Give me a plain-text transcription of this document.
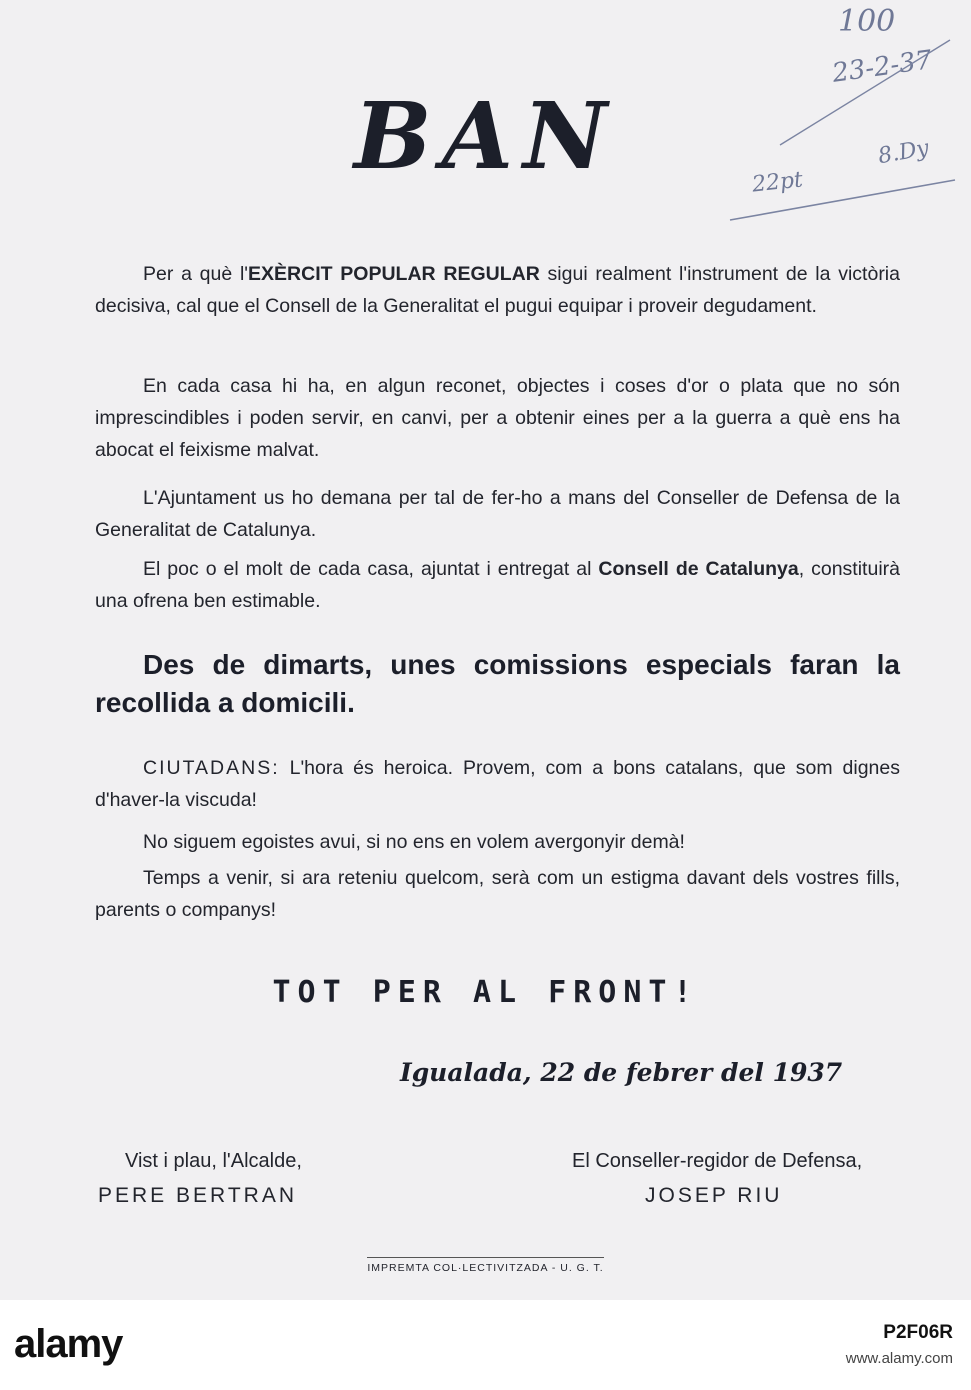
100
23-2-37
22pt
8.Dy
BAN
Per a què l'EXÈRCIT POPULAR REGULAR sigui realment l'instrument de la victòria decisiva, cal que el Consell de la Generalitat el pugui equipar i proveir degudament.
En cada casa hi ha, en algun reconet, objectes i coses d'or o plata que no són imprescindibles i poden servir, en canvi, per a obtenir eines per a la guerra a què ens ha abocat el feixisme malvat.
L'Ajuntament us ho demana per tal de fer-ho a mans del Conseller de Defensa de la Generalitat de Catalunya.
El poc o el molt de cada casa, ajuntat i entregat al Consell de Catalunya, constituirà una ofrena ben estimable.
Des de dimarts, unes comissions especials faran la recollida a domicili.
CIUTADANS: L'hora és heroica. Provem, com a bons catalans, que som dignes d'haver-la viscuda!
No siguem egoistes avui, si no ens en volem avergonyir demà!
Temps a venir, si ara reteniu quelcom, serà com un estigma davant dels vostres fills, parents o companys!
TOT PER AL FRONT!
Igualada, 22 de febrer del 1937
Vist i plau, l'Alcalde,
PERE BERTRAN
El Conseller-regidor de Defensa,
JOSEP RIU
IMPREMTA COL·LECTIVITZADA - U. G. T.
alamy	P2F06R
www.alamy.com
